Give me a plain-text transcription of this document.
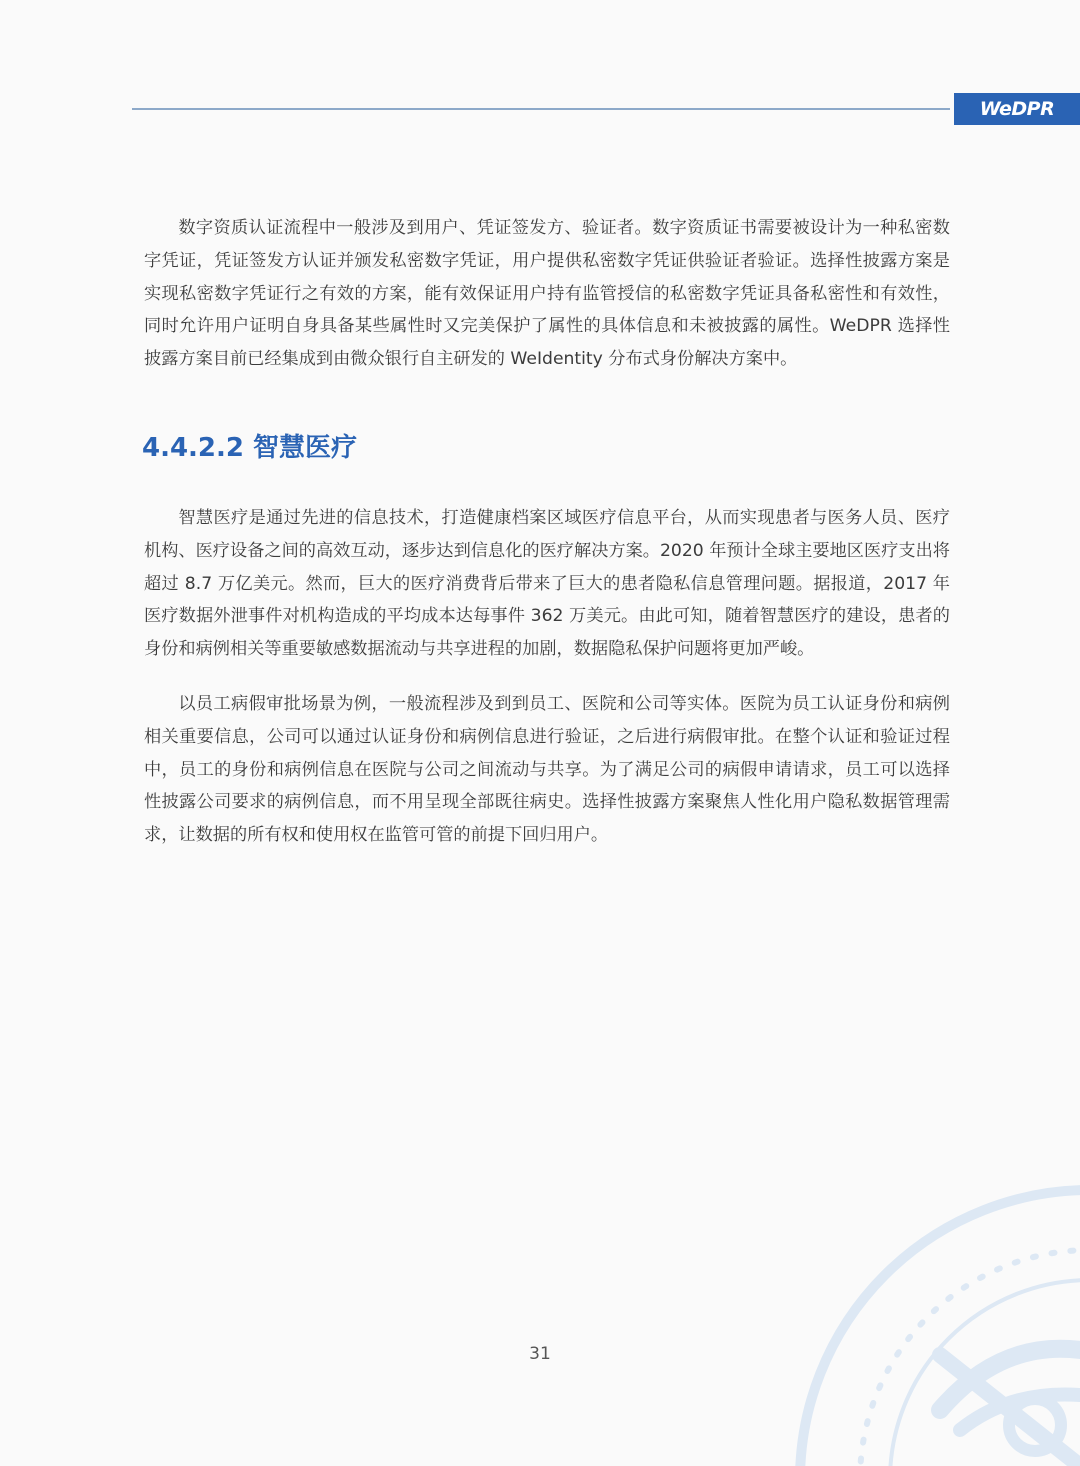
WeDPR

数字资质认证流程中一般涉及到用户、凭证签发方、验证者。数字资质证书需要被设计为一种私密数字凭证，凭证签发方认证并颁发私密数字凭证，用户提供私密数字凭证供验证者验证。选择性披露方案是实现私密数字凭证行之有效的方案，能有效保证用户持有监管授信的私密数字凭证具备私密性和有效性，同时允许用户证明自身具备某些属性时又完美保护了属性的具体信息和未被披露的属性。WeDPR 选择性披露方案目前已经集成到由微众银行自主研发的 WeIdentity 分布式身份解决方案中。

4.4.2.2 智慧医疗

智慧医疗是通过先进的信息技术，打造健康档案区域医疗信息平台，从而实现患者与医务人员、医疗机构、医疗设备之间的高效互动，逐步达到信息化的医疗解决方案。2020 年预计全球主要地区医疗支出将超过 8.7 万亿美元。然而，巨大的医疗消费背后带来了巨大的患者隐私信息管理问题。据报道，2017 年医疗数据外泄事件对机构造成的平均成本达每事件 362 万美元。由此可知，随着智慧医疗的建设，患者的身份和病例相关等重要敏感数据流动与共享进程的加剧，数据隐私保护问题将更加严峻。

以员工病假审批场景为例，一般流程涉及到到员工、医院和公司等实体。医院为员工认证身份和病例相关重要信息，公司可以通过认证身份和病例信息进行验证，之后进行病假审批。在整个认证和验证过程中，员工的身份和病例信息在医院与公司之间流动与共享。为了满足公司的病假申请请求，员工可以选择性披露公司要求的病例信息，而不用呈现全部既往病史。选择性披露方案聚焦人性化用户隐私数据管理需求，让数据的所有权和使用权在监管可管的前提下回归用户。

31
